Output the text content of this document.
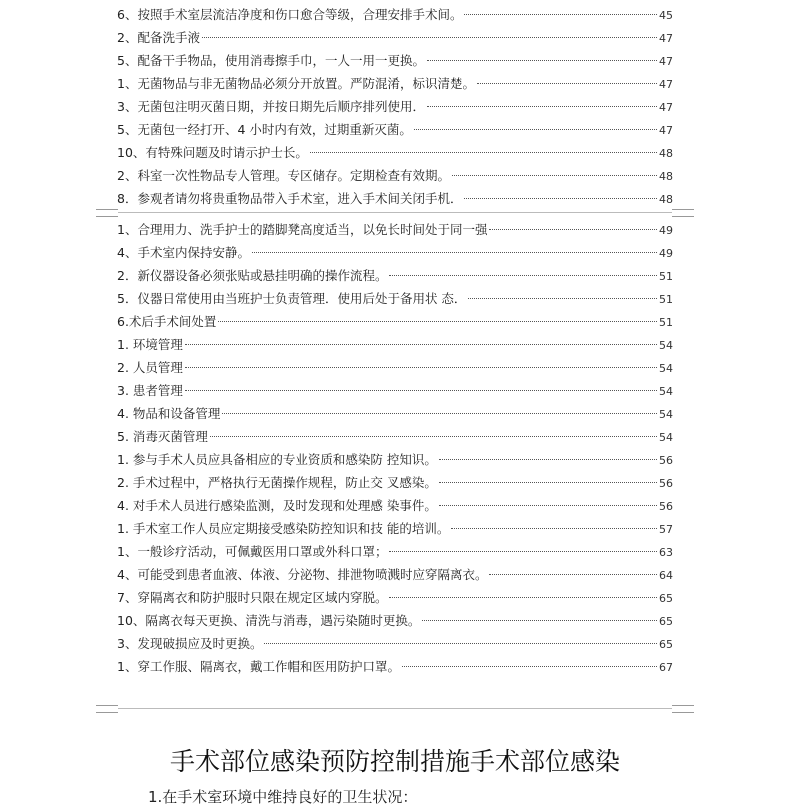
6、按照手术室层流洁净度和伤口愈合等级，合理安排手术间。	45
2、配备洗手液	47
5、配备干手物品，使用消毒擦手巾，一人一用一更换。	47
1、无菌物品与非无菌物品必须分开放置。严防混淆，标识清楚。	47
3、无菌包注明灭菌日期，并按日期先后顺序排列使用．	47
5、无菌包一经打开、4 小时内有效，过期重新灭菌。	47
10、有特殊问题及时请示护士长。	48
2、科室一次性物品专人管理。专区储存。定期检查有效期。	48
8．参观者请勿将贵重物品带入手术室，进入手术间关闭手机．	48
1、合理用力、洗手护士的踏脚凳高度适当，以免长时间处于同一强	49
4、手术室内保持安静。	49
2．新仪器设备必须张贴或悬挂明确的操作流程。	51
5．仪器日常使用由当班护士负责管理．使用后处于备用状 态．	51
6.术后手术间处置	51
1. 环境管理	54
2. 人员管理	54
3. 患者管理	54
4. 物品和设备管理	54
5. 消毒灭菌管理	54
1. 参与手术人员应具备相应的专业资质和感染防 控知识。	56
2. 手术过程中，严格执行无菌操作规程，防止交 叉感染。	56
4. 对手术人员进行感染监测，及时发现和处理感 染事件。	56
1. 手术室工作人员应定期接受感染防控知识和技 能的培训。	57
1、一般诊疗活动，可佩戴医用口罩或外科口罩；	63
4、可能受到患者血液、体液、分泌物、排泄物喷溅时应穿隔离衣。	64
7、穿隔离衣和防护服时只限在规定区域内穿脱。	65
10、隔离衣每天更换、清洗与消毒，遇污染随时更换。	65
3、发现破损应及时更换。	65
1、穿工作服、隔离衣，戴工作帽和医用防护口罩。	67
手术部位感染预防控制措施手术部位感染
1.在手术室环境中维持良好的卫生状况：
